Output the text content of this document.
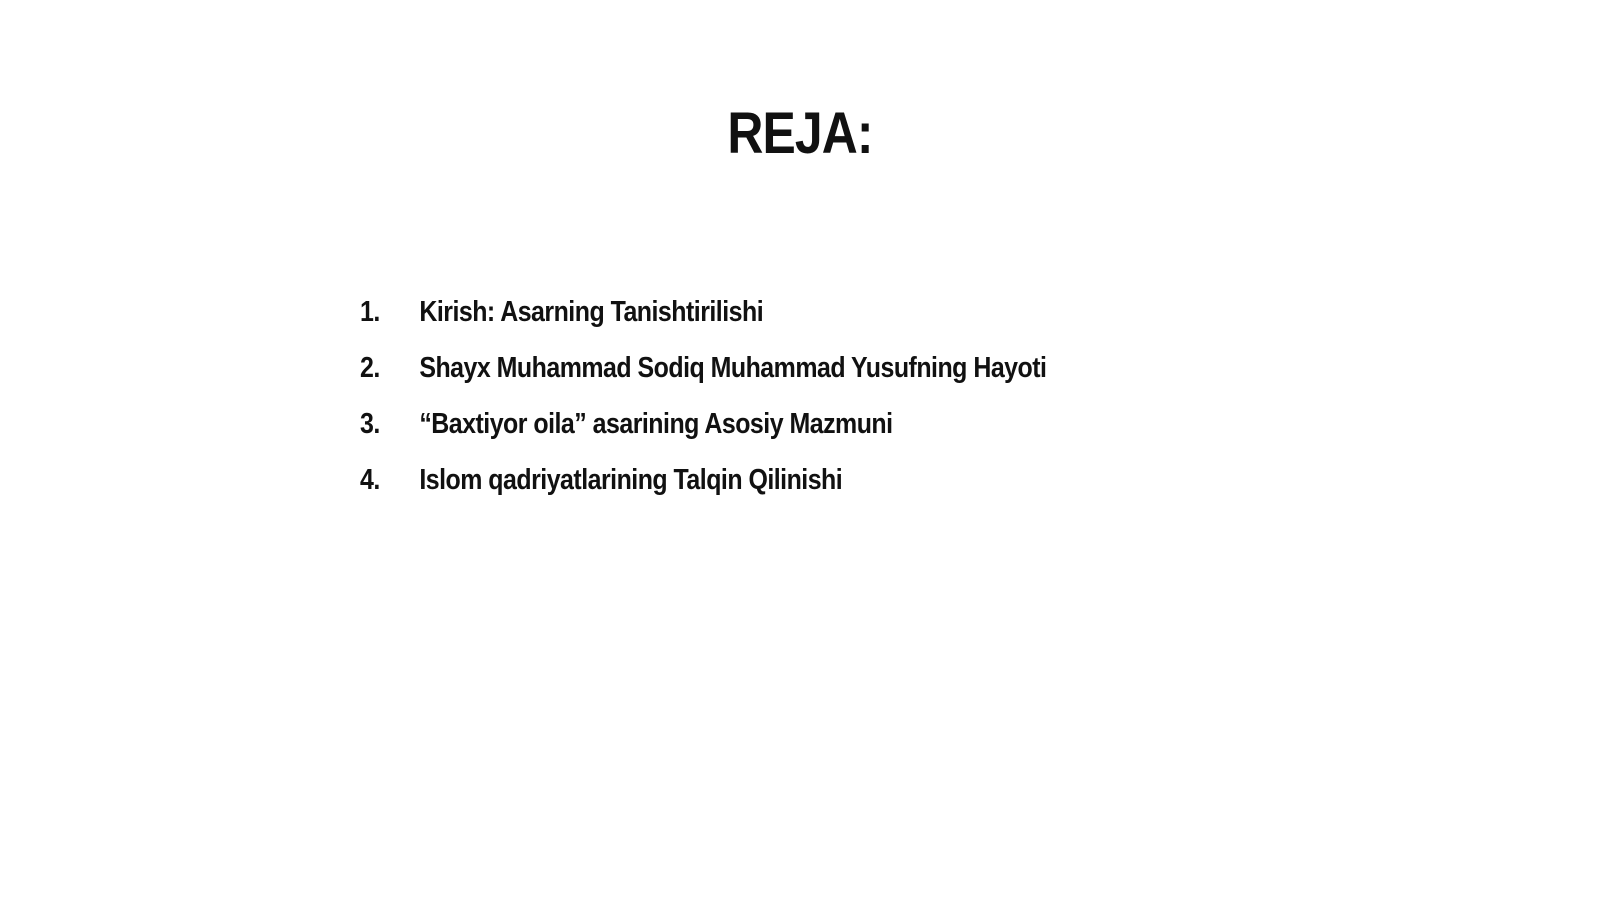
REJA:
1.	Kirish: Asarning Tanishtirilishi
2.	Shayx Muhammad Sodiq Muhammad Yusufning Hayoti
3.	“Baxtiyor oila” asarining Asosiy Mazmuni
4.	Islom qadriyatlarining Talqin Qilinishi
